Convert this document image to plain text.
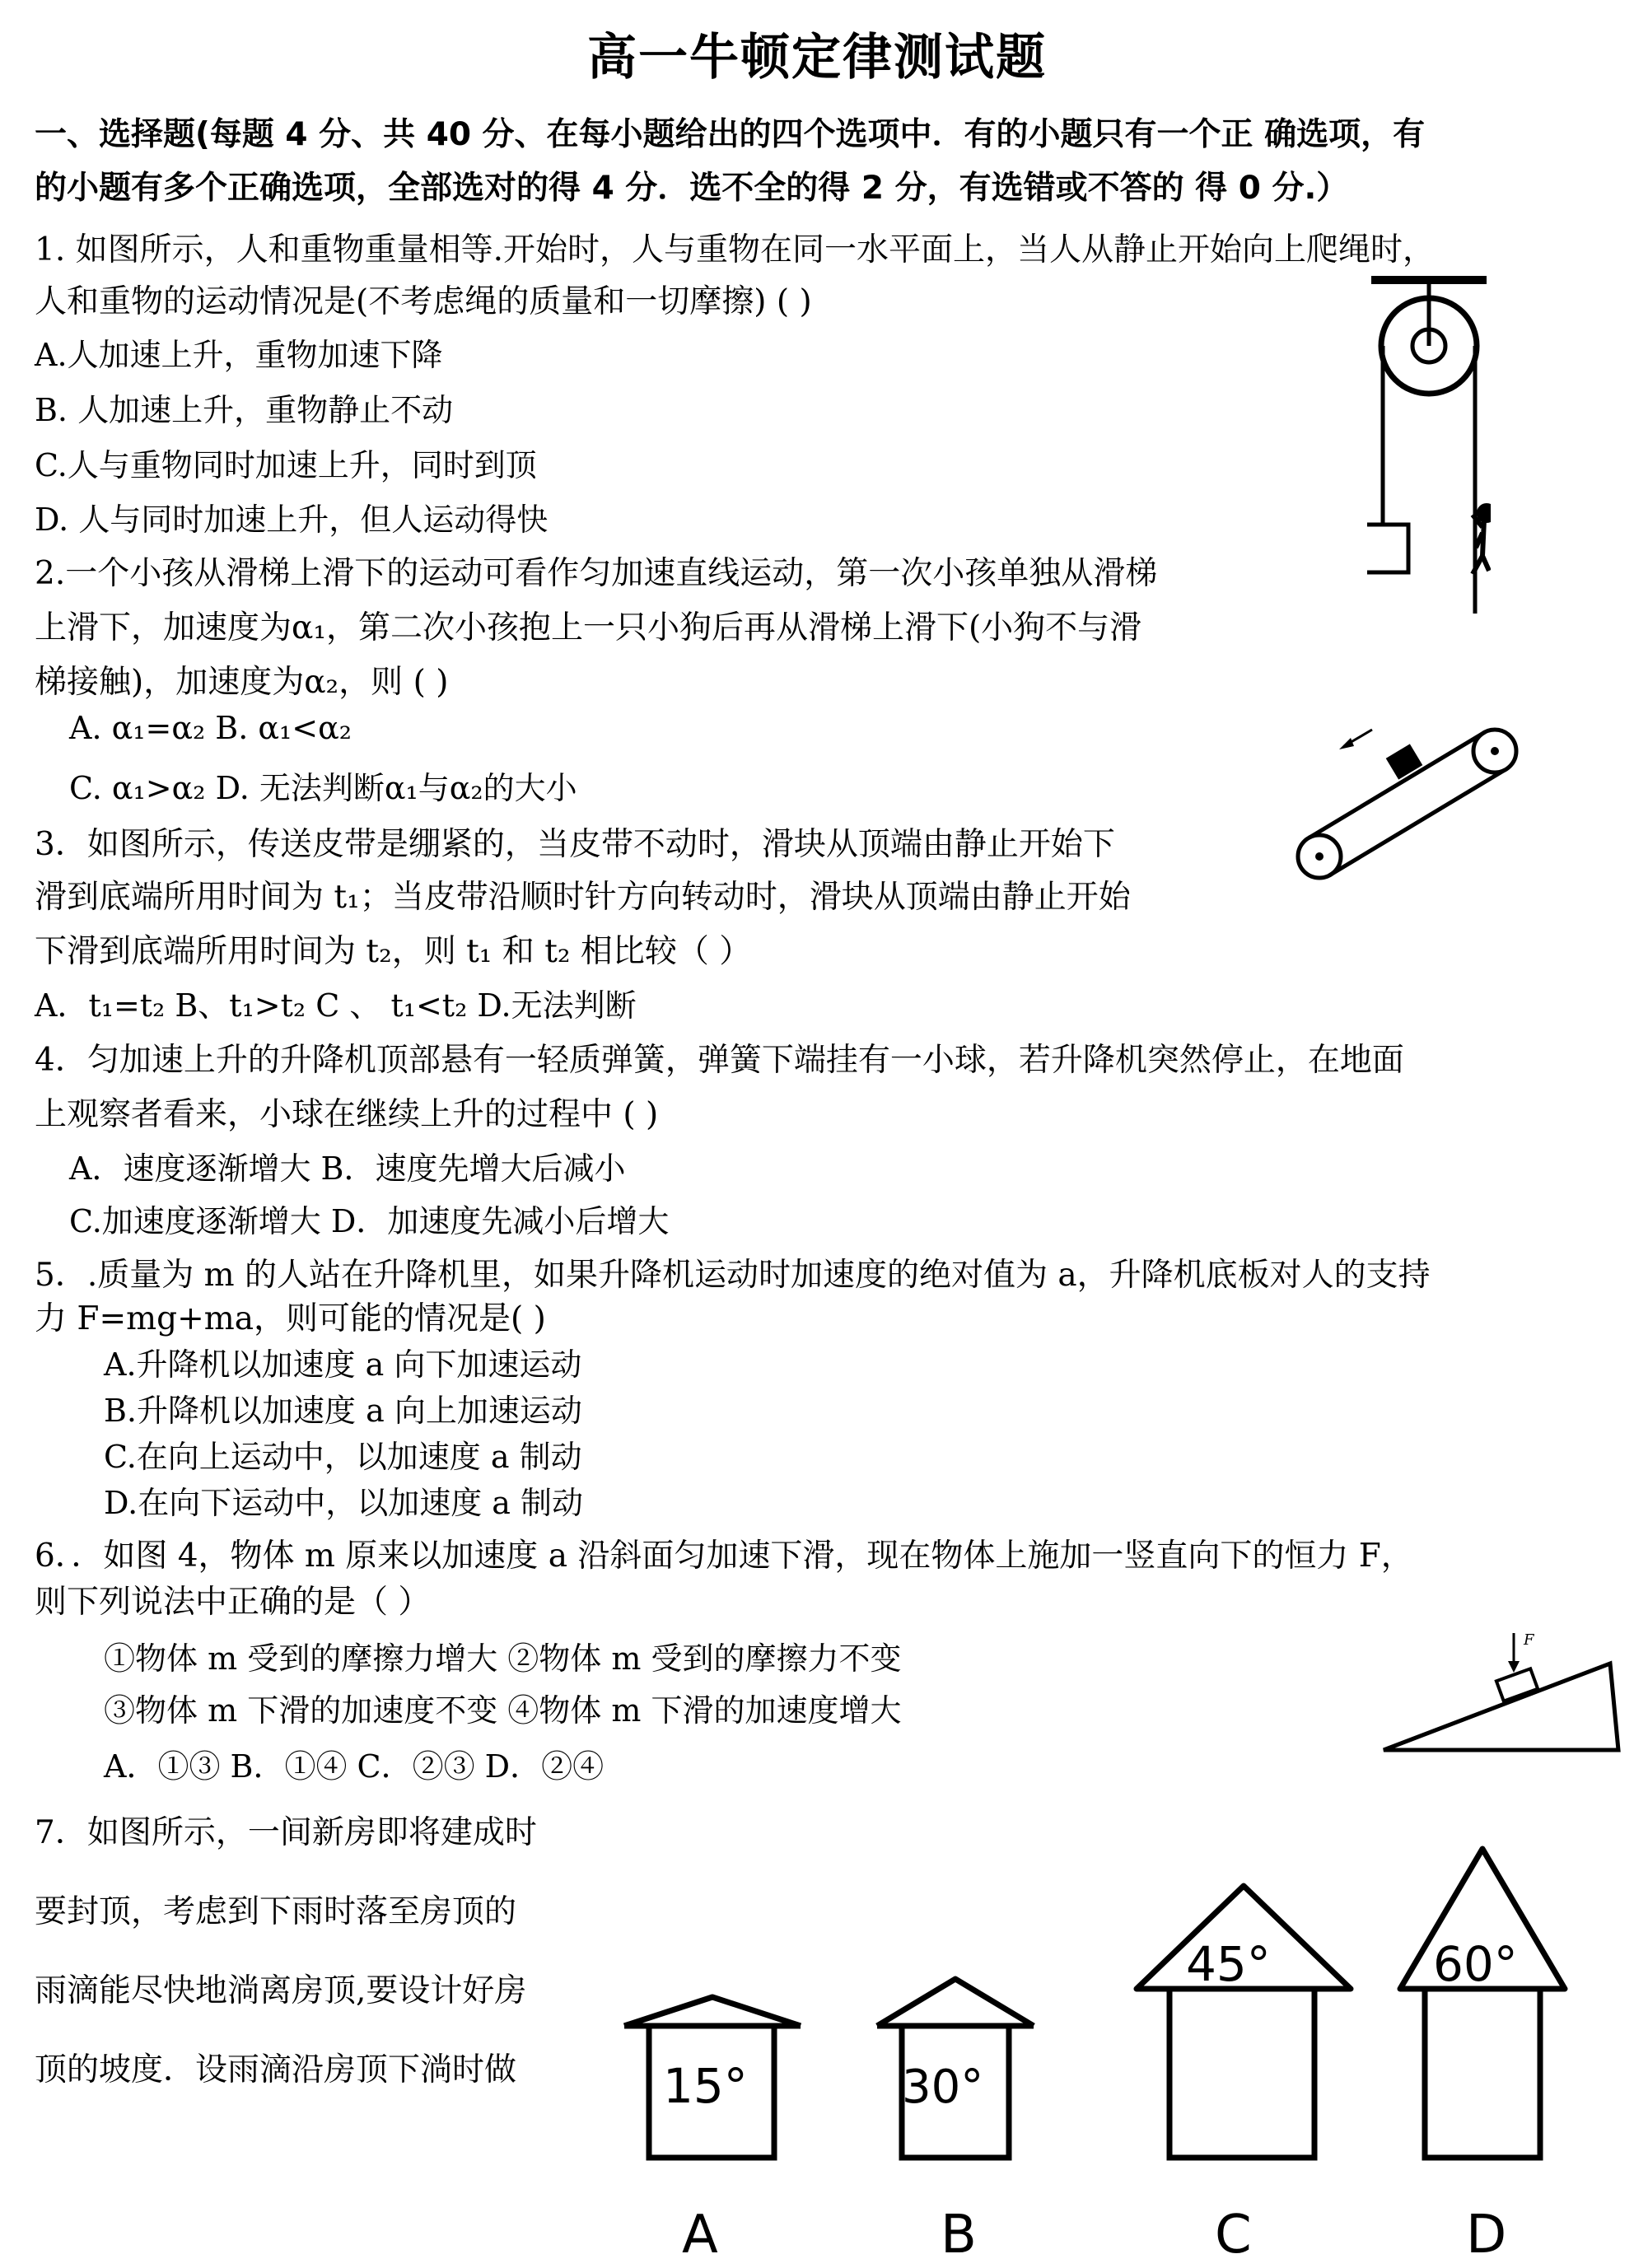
高一牛顿定律测试题
一、选择题(每题 4 分、共 40 分、在每小题给出的四个选项中．有的小题只有一个正 确选项，有
的小题有多个正确选项，全部选对的得 4 分．选不全的得 2 分，有选错或不答的 得 0 分.）
1. 如图所示，人和重物重量相等.开始时，人与重物在同一水平面上，当人从静止开始向上爬绳时，
人和重物的运动情况是(不考虑绳的质量和一切摩擦) ( )
A.人加速上升，重物加速下降
B. 人加速上升，重物静止不动
C.人与重物同时加速上升，同时到顶
D. 人与同时加速上升，但人运动得快
2.一个小孩从滑梯上滑下的运动可看作匀加速直线运动，第一次小孩单独从滑梯
上滑下，加速度为α₁，第二次小孩抱上一只小狗后再从滑梯上滑下(小狗不与滑
梯接触)，加速度为α₂，则 ( )
A. α₁=α₂ B. α₁<α₂
C. α₁>α₂ D. 无法判断α₁与α₂的大小
3．如图所示，传送皮带是绷紧的，当皮带不动时，滑块从顶端由静止开始下
滑到底端所用时间为 t₁；当皮带沿顺时针方向转动时，滑块从顶端由静止开始
下滑到底端所用时间为 t₂，则 t₁ 和 t₂ 相比较（ ）
A．t₁=t₂ B、t₁>t₂ C 、 t₁<t₂ D.无法判断
4．匀加速上升的升降机顶部悬有一轻质弹簧，弹簧下端挂有一小球，若升降机突然停止，在地面
上观察者看来，小球在继续上升的过程中 ( )
A．速度逐渐增大 B．速度先增大后减小
C.加速度逐渐增大 D．加速度先减小后增大
5．.质量为 m 的人站在升降机里，如果升降机运动时加速度的绝对值为 a，升降机底板对人的支持
力 F=mg+ma，则可能的情况是( )
A.升降机以加速度 a 向下加速运动
B.升降机以加速度 a 向上加速运动
C.在向上运动中，以加速度 a 制动
D.在向下运动中，以加速度 a 制动
6．．如图 4，物体 m 原来以加速度 a 沿斜面匀加速下滑，现在物体上施加一竖直向下的恒力 F，
则下列说法中正确的是（ ）
①物体 m 受到的摩擦力增大 ②物体 m 受到的摩擦力不变
③物体 m 下滑的加速度不变 ④物体 m 下滑的加速度增大
A．①③ B．①④ C．②③ D．②④
F
7．如图所示，一间新房即将建成时
要封顶，考虑到下雨时落至房顶的
雨滴能尽快地淌离房顶,要设计好房
顶的坡度．设雨滴沿房顶下淌时做	15°
A
30°
B
45°
C
60°
D
